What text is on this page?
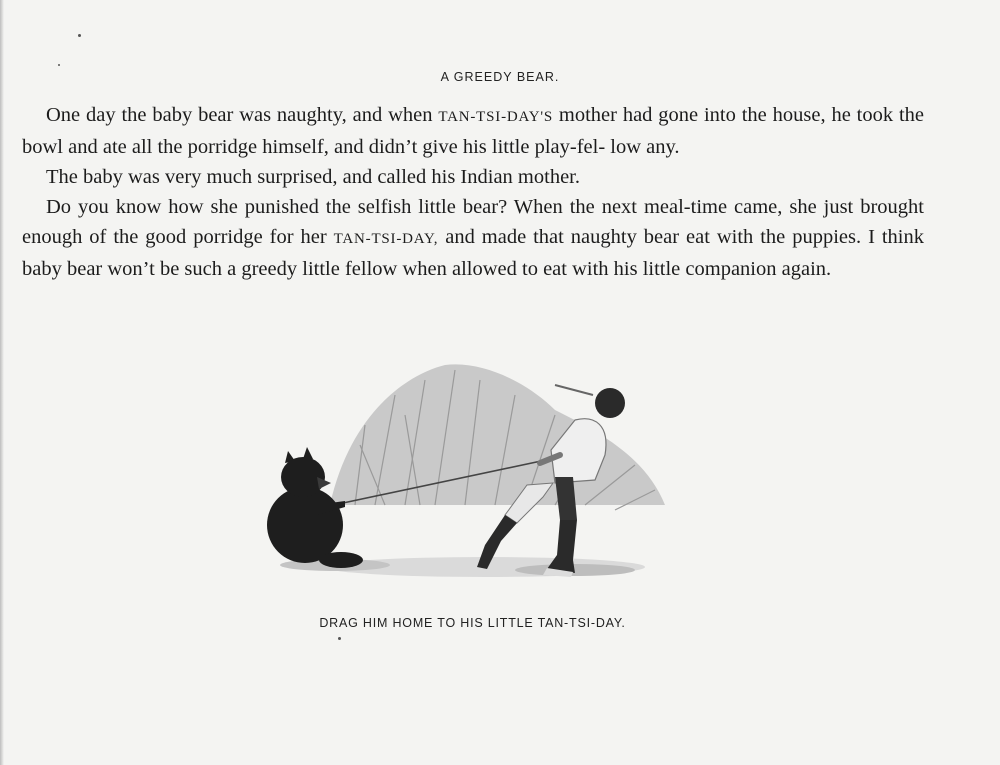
A GREEDY BEAR.

One day the baby bear was naughty, and when TAN-TSI-DAY'S mother had gone into the house, he took the bowl and ate all the porridge himself, and didn’t give his little play-fel- low any.

The baby was very much surprised, and called his Indian mother.

Do you know how she punished the selfish little bear? When the next meal-time came, she just brought enough of the good porridge for her TAN-TSI-DAY, and made that naughty bear eat with the puppies. I think baby bear won’t be such a greedy little fellow when allowed to eat with his little companion again.

DRAG HIM HOME TO HIS LITTLE TAN-TSI-DAY.
